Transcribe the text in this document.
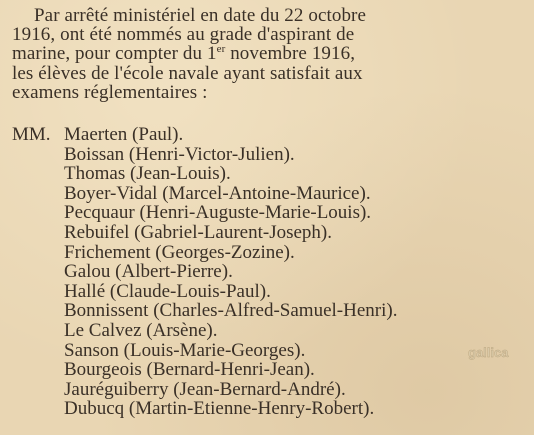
Par arrêté ministériel en date du 22 octobre
1916, ont été nommés au grade d'aspirant de
marine, pour compter du 1er novembre 1916,
les élèves de l'école navale ayant satisfait aux
examens réglementaires :

MM. Maerten (Paul).
Boissan (Henri-Victor-Julien).
Thomas (Jean-Louis).
Boyer-Vidal (Marcel-Antoine-Maurice).
Pecquaur (Henri-Auguste-Marie-Louis).
Rebuifel (Gabriel-Laurent-Joseph).
Frichement (Georges-Zozine).
Galou (Albert-Pierre).
Hallé (Claude-Louis-Paul).
Bonnissent (Charles-Alfred-Samuel-Henri).
Le Calvez (Arsène).
Sanson (Louis-Marie-Georges).
Bourgeois (Bernard-Henri-Jean).
Jauréguiberry (Jean-Bernard-André).
Dubucq (Martin-Etienne-Henry-Robert).
gallica
